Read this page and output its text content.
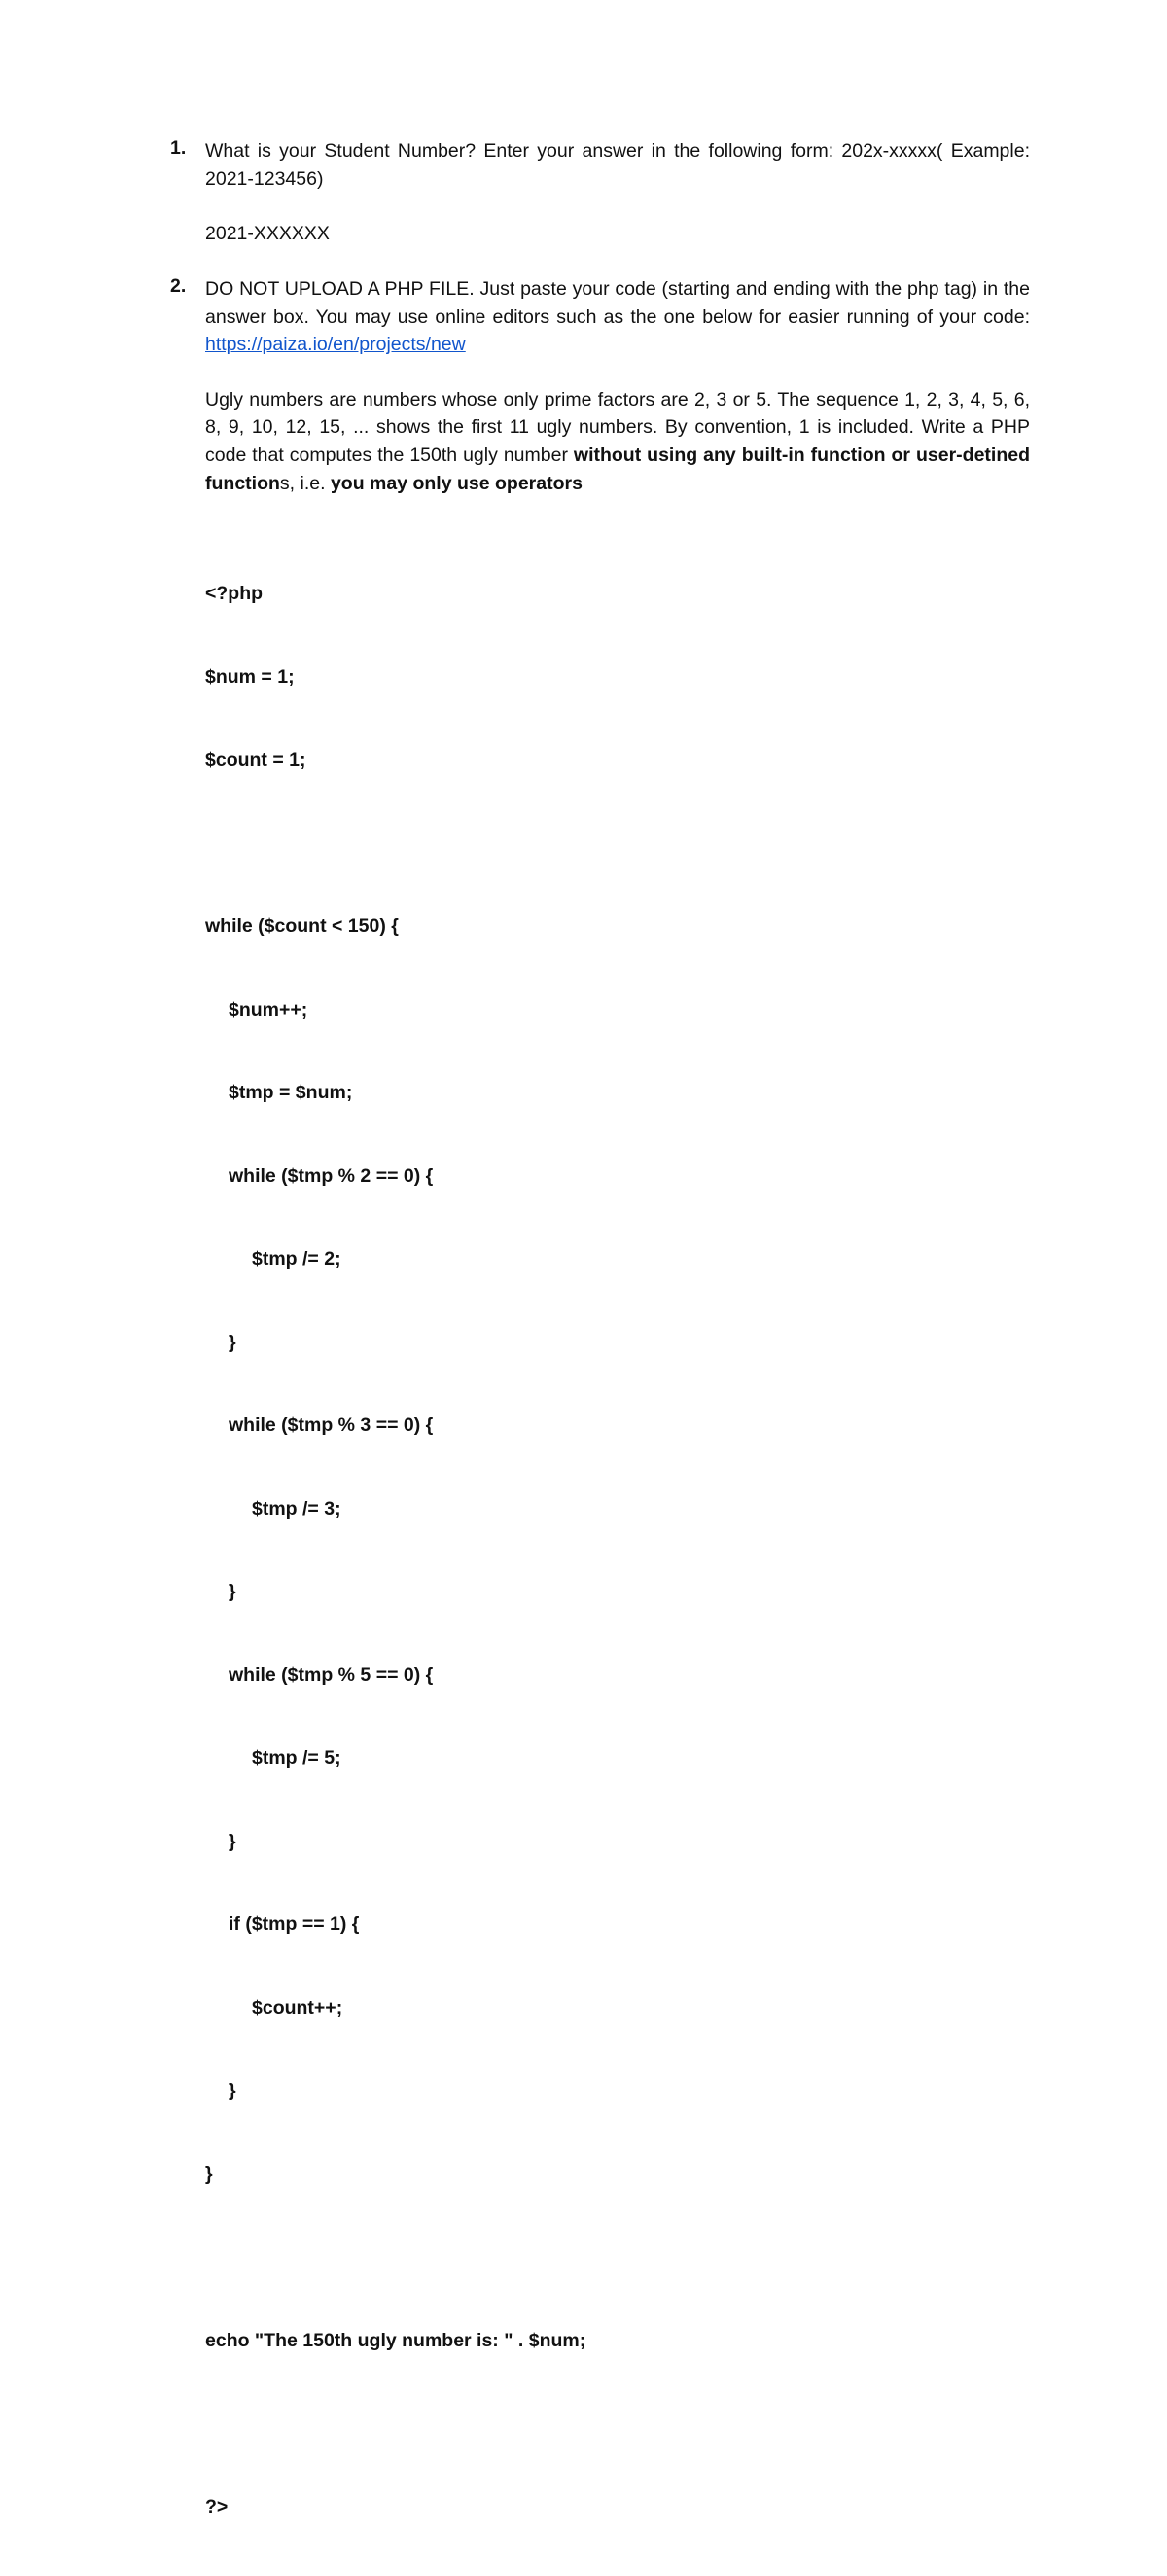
1.	What is your Student Number? Enter your answer in the following form: 202x-xxxxx( Example: 2021-123456)

2021-XXXXXX

2.	DO NOT UPLOAD A PHP FILE. Just paste your code (starting and ending with the php tag) in the answer box. You may use online editors such as the one below for easier running of your code: https://paiza.io/en/projects/new

Ugly numbers are numbers whose only prime factors are 2, 3 or 5. The sequence 1, 2, 3, 4, 5, 6, 8, 9, 10, 12, 15, ... shows the first 11 ugly numbers. By convention, 1 is included. Write a PHP code that computes the 150th ugly number without using any built-in function or user-detined functions, i.e. you may only use operators

<?php

$num = 1;

$count = 1;

while ($count < 150) {

$num++;

$tmp = $num;

while ($tmp % 2 == 0) {

$tmp /= 2;

}

while ($tmp % 3 == 0) {

$tmp /= 3;

}

while ($tmp % 5 == 0) {

$tmp /= 5;

}

if ($tmp == 1) {

$count++;

}

}

echo "The 150th ugly number is: " . $num;

?>
